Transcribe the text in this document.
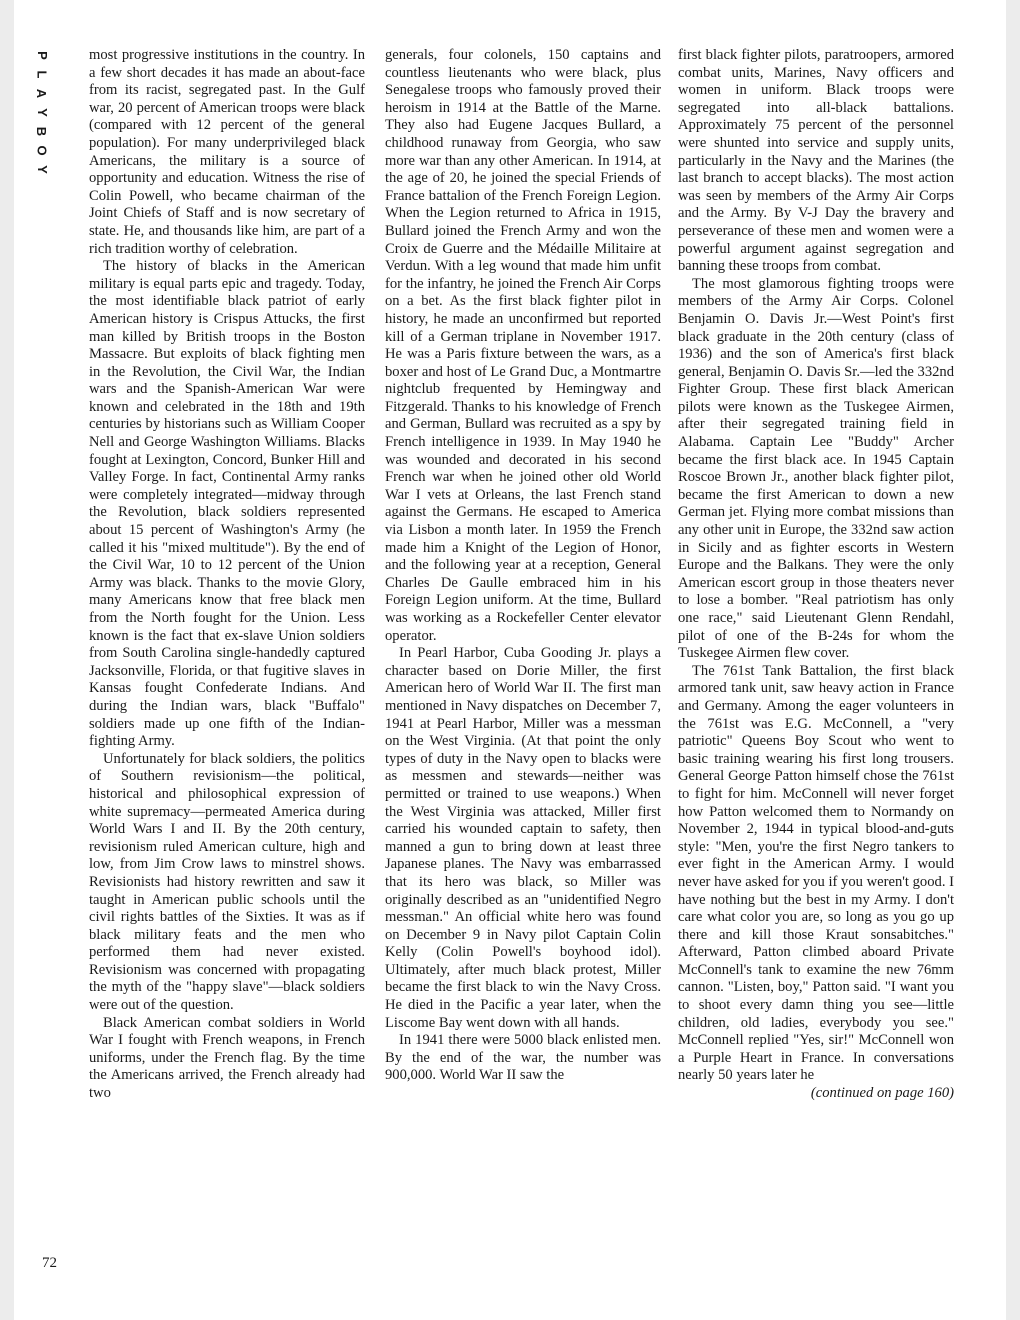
P
L
A
Y
B
O
Y

most progressive institutions in the country. In a few short decades it has made an about-face from its racist, segregated past. In the Gulf war, 20 percent of American troops were black (compared with 12 percent of the general population). For many underprivileged black Americans, the military is a source of opportunity and education. Witness the rise of Colin Powell, who became chairman of the Joint Chiefs of Staff and is now secretary of state. He, and thousands like him, are part of a rich tradition worthy of celebration.

The history of blacks in the American military is equal parts epic and tragedy. Today, the most identifiable black patriot of early American history is Crispus Attucks, the first man killed by British troops in the Boston Massacre. But exploits of black fighting men in the Revolution, the Civil War, the Indian wars and the Spanish-American War were known and celebrated in the 18th and 19th centuries by historians such as William Cooper Nell and George Washington Williams. Blacks fought at Lexington, Concord, Bunker Hill and Valley Forge. In fact, Continental Army ranks were completely integrated—midway through the Revolution, black soldiers represented about 15 percent of Washington's Army (he called it his "mixed multitude"). By the end of the Civil War, 10 to 12 percent of the Union Army was black. Thanks to the movie Glory, many Americans know that free black men from the North fought for the Union. Less known is the fact that ex-slave Union soldiers from South Carolina single-handedly captured Jacksonville, Florida, or that fugitive slaves in Kansas fought Confederate Indians. And during the Indian wars, black "Buffalo" soldiers made up one fifth of the Indian-fighting Army.

Unfortunately for black soldiers, the politics of Southern revisionism—the political, historical and philosophical expression of white supremacy—permeated America during World Wars I and II. By the 20th century, revisionism ruled American culture, high and low, from Jim Crow laws to minstrel shows. Revisionists had history rewritten and saw it taught in American public schools until the civil rights battles of the Sixties. It was as if black military feats and the men who performed them had never existed. Revisionism was concerned with propagating the myth of the "happy slave"—black soldiers were out of the question.

Black American combat soldiers in World War I fought with French weapons, in French uniforms, under the French flag. By the time the Americans arrived, the French already had two

generals, four colonels, 150 captains and countless lieutenants who were black, plus Senegalese troops who famously proved their heroism in 1914 at the Battle of the Marne. They also had Eugene Jacques Bullard, a childhood runaway from Georgia, who saw more war than any other American. In 1914, at the age of 20, he joined the special Friends of France battalion of the French Foreign Legion. When the Legion returned to Africa in 1915, Bullard joined the French Army and won the Croix de Guerre and the Médaille Militaire at Verdun. With a leg wound that made him unfit for the infantry, he joined the French Air Corps on a bet. As the first black fighter pilot in history, he made an unconfirmed but reported kill of a German triplane in November 1917. He was a Paris fixture between the wars, as a boxer and host of Le Grand Duc, a Montmartre nightclub frequented by Hemingway and Fitzgerald. Thanks to his knowledge of French and German, Bullard was recruited as a spy by French intelligence in 1939. In May 1940 he was wounded and decorated in his second French war when he joined other old World War I vets at Orleans, the last French stand against the Germans. He escaped to America via Lisbon a month later. In 1959 the French made him a Knight of the Legion of Honor, and the following year at a reception, General Charles De Gaulle embraced him in his Foreign Legion uniform. At the time, Bullard was working as a Rockefeller Center elevator operator.

In Pearl Harbor, Cuba Gooding Jr. plays a character based on Dorie Miller, the first American hero of World War II. The first man mentioned in Navy dispatches on December 7, 1941 at Pearl Harbor, Miller was a messman on the West Virginia. (At that point the only types of duty in the Navy open to blacks were as messmen and stewards—neither was permitted or trained to use weapons.) When the West Virginia was attacked, Miller first carried his wounded captain to safety, then manned a gun to bring down at least three Japanese planes. The Navy was embarrassed that its hero was black, so Miller was originally described as an "unidentified Negro messman." An official white hero was found on December 9 in Navy pilot Captain Colin Kelly (Colin Powell's boyhood idol). Ultimately, after much black protest, Miller became the first black to win the Navy Cross. He died in the Pacific a year later, when the Liscome Bay went down with all hands.

In 1941 there were 5000 black enlisted men. By the end of the war, the number was 900,000. World War II saw the

first black fighter pilots, paratroopers, armored combat units, Marines, Navy officers and women in uniform. Black troops were segregated into all-black battalions. Approximately 75 percent of the personnel were shunted into service and supply units, particularly in the Navy and the Marines (the last branch to accept blacks). The most action was seen by members of the Army Air Corps and the Army. By V-J Day the bravery and perseverance of these men and women were a powerful argument against segregation and banning these troops from combat.

The most glamorous fighting troops were members of the Army Air Corps. Colonel Benjamin O. Davis Jr.—West Point's first black graduate in the 20th century (class of 1936) and the son of America's first black general, Benjamin O. Davis Sr.—led the 332nd Fighter Group. These first black American pilots were known as the Tuskegee Airmen, after their segregated training field in Alabama. Captain Lee "Buddy" Archer became the first black ace. In 1945 Captain Roscoe Brown Jr., another black fighter pilot, became the first American to down a new German jet. Flying more combat missions than any other unit in Europe, the 332nd saw action in Sicily and as fighter escorts in Western Europe and the Balkans. They were the only American escort group in those theaters never to lose a bomber. "Real patriotism has only one race," said Lieutenant Glenn Rendahl, pilot of one of the B-24s for whom the Tuskegee Airmen flew cover.

The 761st Tank Battalion, the first black armored tank unit, saw heavy action in France and Germany. Among the eager volunteers in the 761st was E.G. McConnell, a "very patriotic" Queens Boy Scout who went to basic training wearing his first long trousers. General George Patton himself chose the 761st to fight for him. McConnell will never forget how Patton welcomed them to Normandy on November 2, 1944 in typical blood-and-guts style: "Men, you're the first Negro tankers to ever fight in the American Army. I would never have asked for you if you weren't good. I have nothing but the best in my Army. I don't care what color you are, so long as you go up there and kill those Kraut sonsabitches." Afterward, Patton climbed aboard Private McConnell's tank to examine the new 76mm cannon. "Listen, boy," Patton said. "I want you to shoot every damn thing you see—little children, old ladies, everybody you see." McConnell replied "Yes, sir!" McConnell won a Purple Heart in France. In conversations nearly 50 years later he

(continued on page 160)

72
